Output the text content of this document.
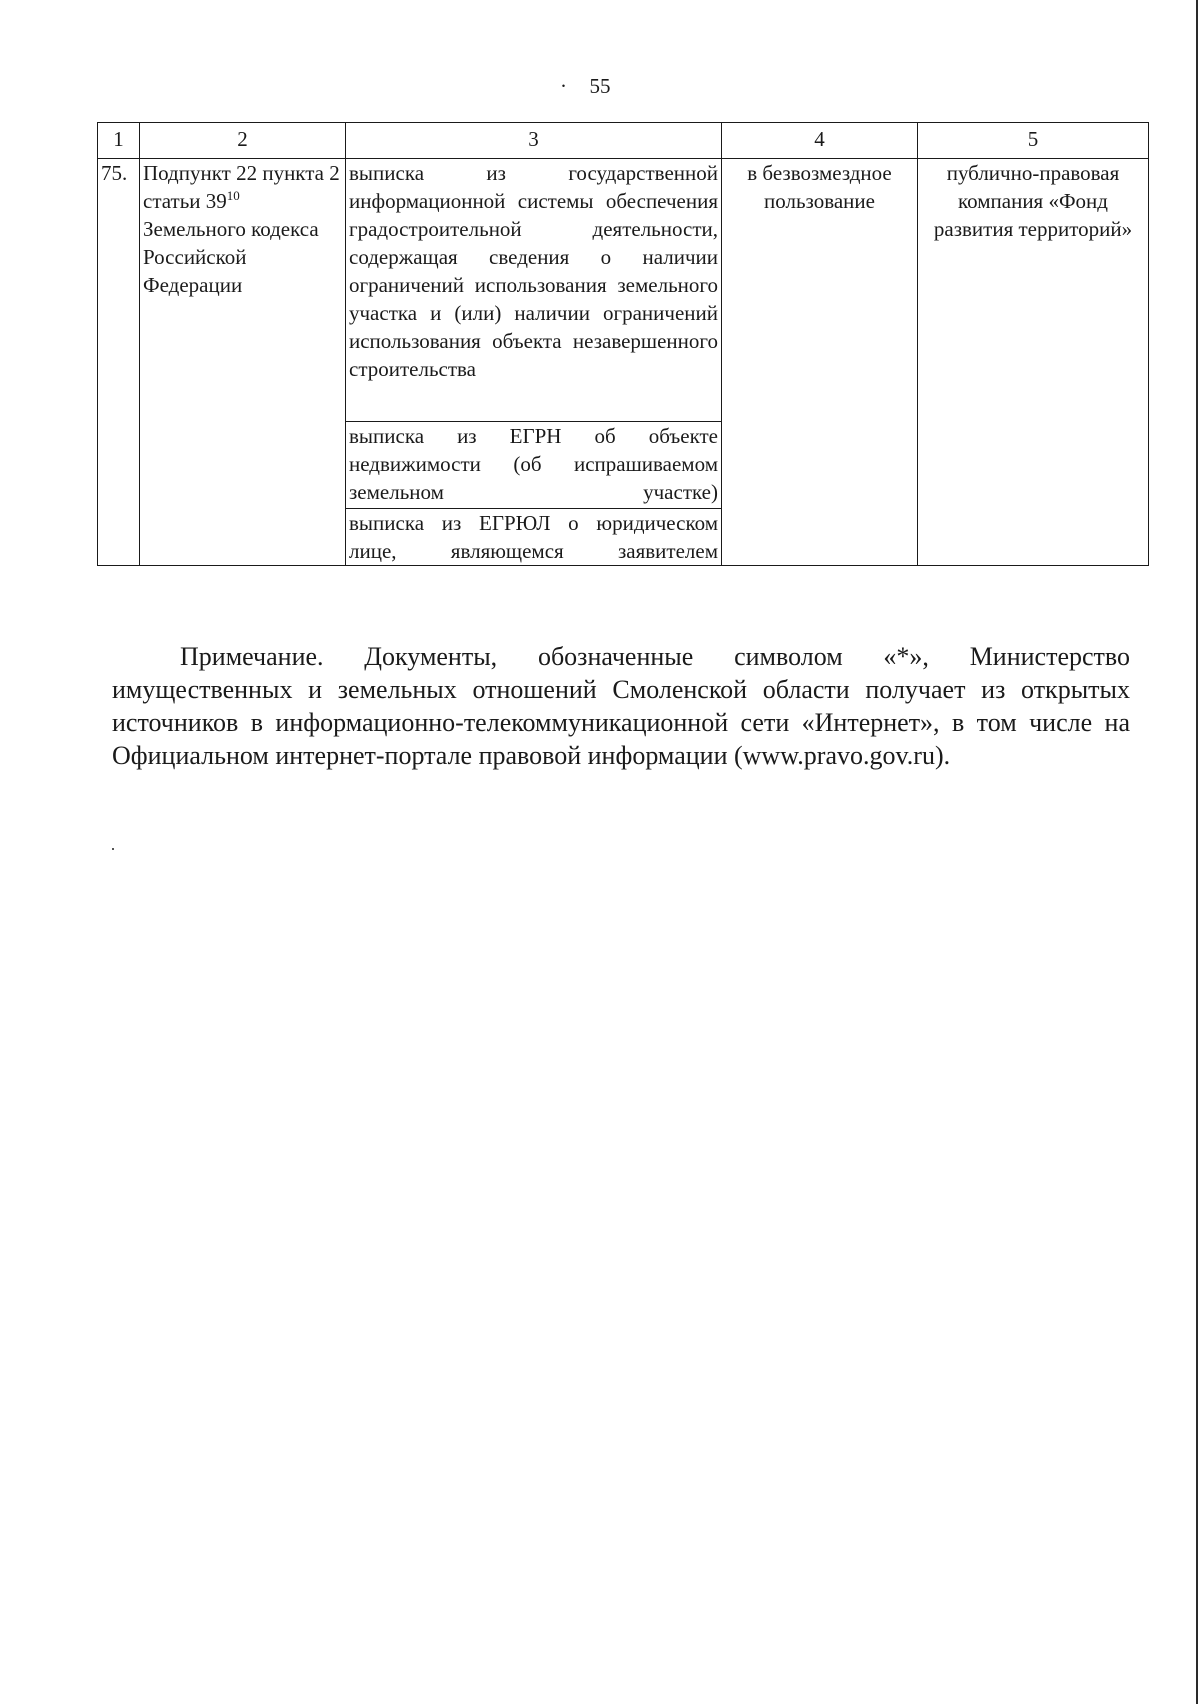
·	55
1	2	3	4	5
75.	Подпункт 22 пункта 2 статьи $39^{10}$ Земельного кодекса Российской Федерации	выписка из государственной информационной системы обеспечения градостроительной деятельности, содержащая сведения о наличии ограничений использования земельного участка и (или) наличии ограничений использования объекта незавершенного строительства	в безвозмездное пользование	публично-правовая компания «Фонд развития территорий»
		выписка из ЕГРН об объекте недвижимости (об испрашиваемом земельном участке)		
		выписка из ЕГРЮЛ о юридическом лице, являющемся заявителем		

Примечание. Документы, обозначенные символом «*», Министерство имущественных и земельных отношений Смоленской области получает из открытых источников в информационно-телекоммуникационной сети «Интернет», в том числе на Официальном интернет-портале правовой информации (www.pravo.gov.ru).
